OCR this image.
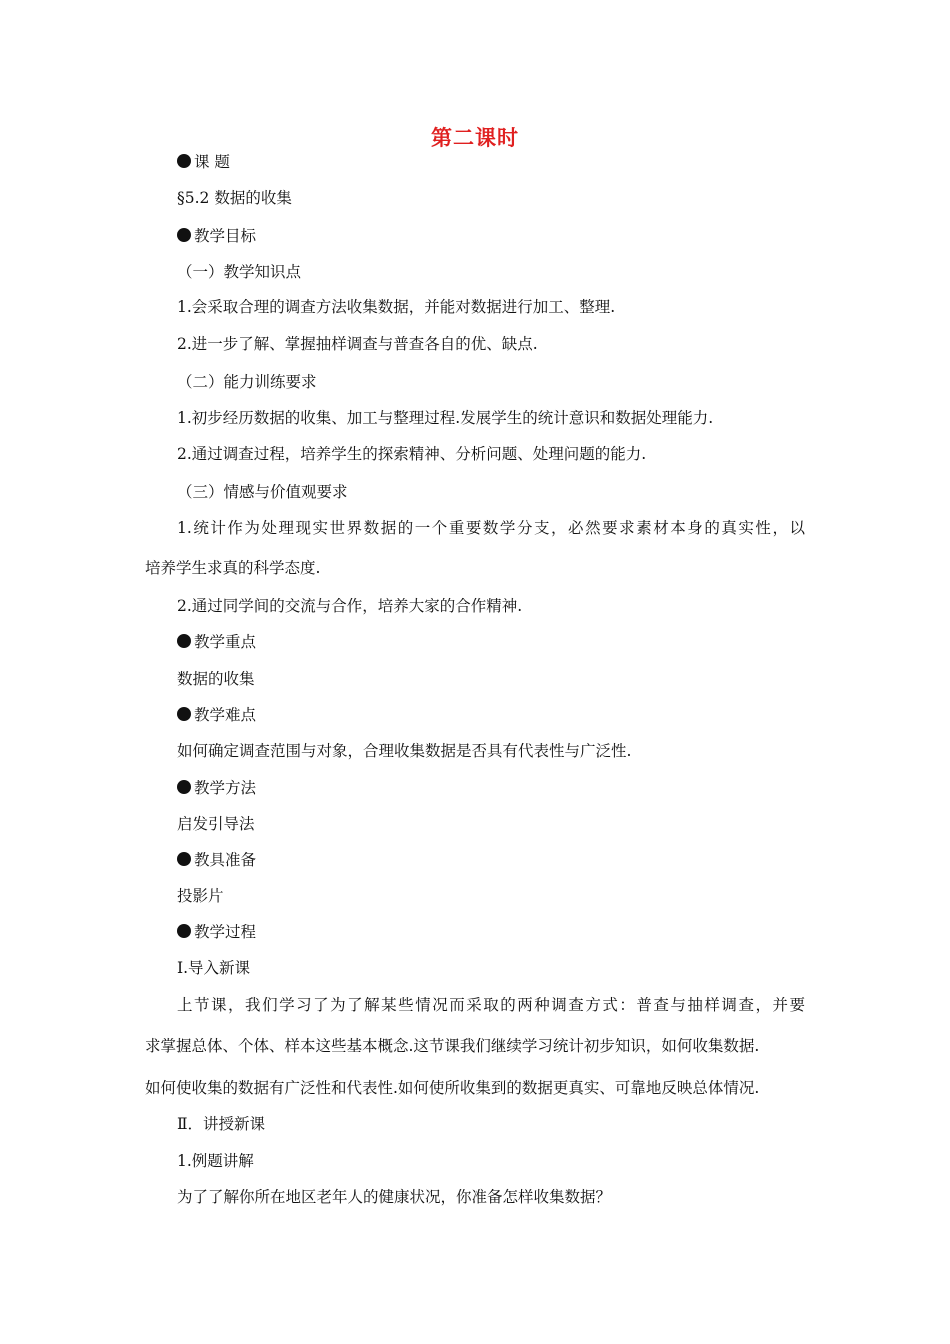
第二课时
课 题
§5.2 数据的收集
教学目标
（一）教学知识点
1.会采取合理的调查方法收集数据，并能对数据进行加工、整理.
2.进一步了解、掌握抽样调查与普查各自的优、缺点.
（二）能力训练要求
1.初步经历数据的收集、加工与整理过程.发展学生的统计意识和数据处理能力.
2.通过调查过程，培养学生的探索精神、分析问题、处理问题的能力.
（三）情感与价值观要求
1.统计作为处理现实世界数据的一个重要数学分支，必然要求素材本身的真实性，以
培养学生求真的科学态度.
2.通过同学间的交流与合作，培养大家的合作精神.
教学重点
数据的收集
教学难点
如何确定调查范围与对象，合理收集数据是否具有代表性与广泛性.
教学方法
启发引导法
教具准备
投影片
教学过程
Ⅰ.导入新课
上节课，我们学习了为了解某些情况而采取的两种调查方式：普查与抽样调查，并要
求掌握总体、个体、样本这些基本概念.这节课我们继续学习统计初步知识，如何收集数据.
如何使收集的数据有广泛性和代表性.如何使所收集到的数据更真实、可靠地反映总体情况.
Ⅱ．讲授新课
1.例题讲解
为了了解你所在地区老年人的健康状况，你准备怎样收集数据？
